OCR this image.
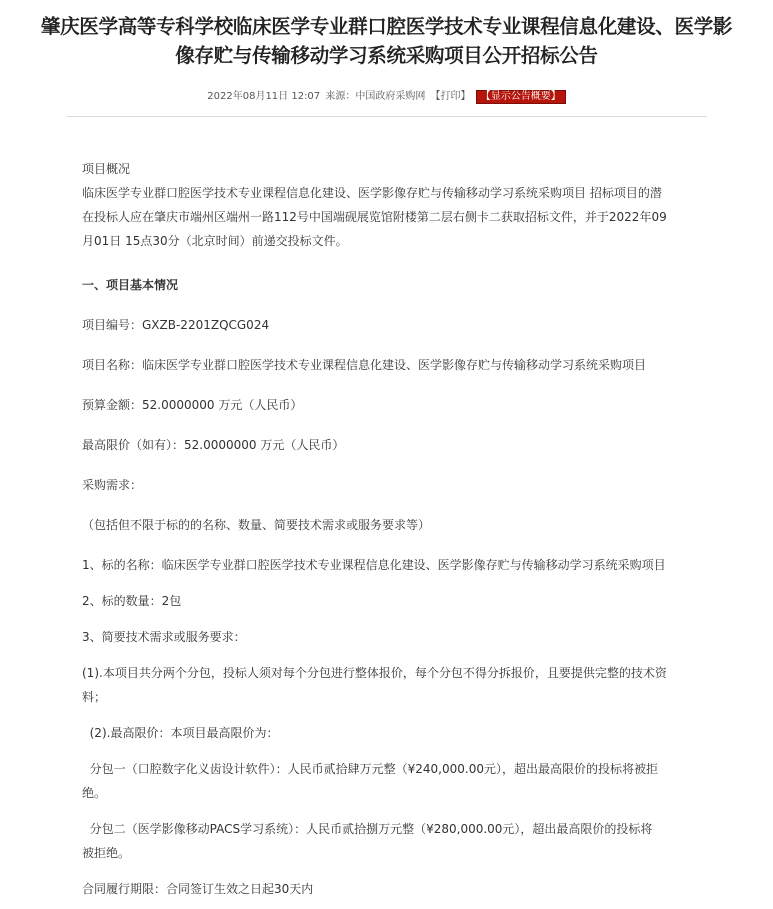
肇庆医学高等专科学校临床医学专业群口腔医学技术专业课程信息化建设、医学影
像存贮与传输移动学习系统采购项目公开招标公告
2022年08月11日 12:07 来源：中国政府采购网 【打印】 【显示公告概要】

项目概况

临床医学专业群口腔医学技术专业课程信息化建设、医学影像存贮与传输移动学习系统采购项目 招标项目的潜

在投标人应在肇庆市端州区端州一路112号中国端砚展览馆附楼第二层右侧卡二获取招标文件，并于2022年09

月01日 15点30分（北京时间）前递交投标文件。

一、项目基本情况

项目编号：GXZB-2201ZQCG024

项目名称：临床医学专业群口腔医学技术专业课程信息化建设、医学影像存贮与传输移动学习系统采购项目

预算金额：52.0000000 万元（人民币）

最高限价（如有）：52.0000000 万元（人民币）

采购需求：

（包括但不限于标的的名称、数量、简要技术需求或服务要求等）

1、标的名称：临床医学专业群口腔医学技术专业课程信息化建设、医学影像存贮与传输移动学习系统采购项目

2、标的数量：2包

3、简要技术需求或服务要求：

(1).本项目共分两个分包，投标人须对每个分包进行整体报价，每个分包不得分拆报价，且要提供完整的技术资

料；

(2).最高限价：本项目最高限价为：

分包一（口腔数字化义齿设计软件）：人民币贰拾肆万元整（¥240,000.00元），超出最高限价的投标将被拒

绝。

分包二（医学影像移动PACS学习系统）：人民币贰拾捌万元整（¥280,000.00元），超出最高限价的投标将

被拒绝。

合同履行期限：合同签订生效之日起30天内
